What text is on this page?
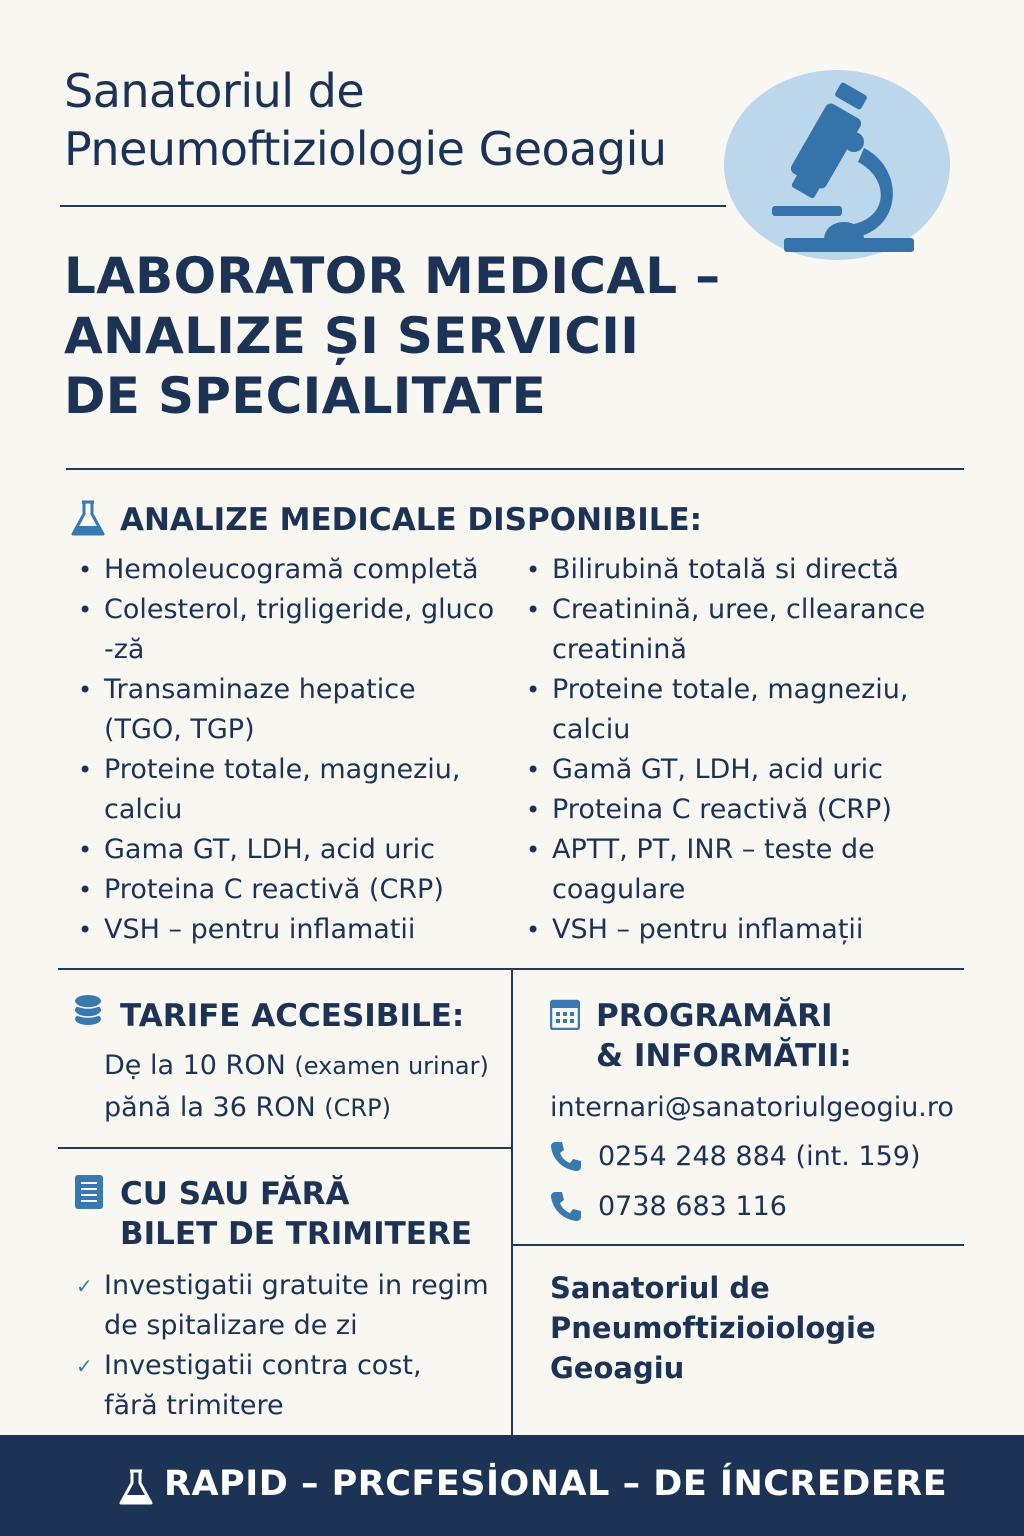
Sanatoriul de
Pneumoftiziologie Geoagiu
LABORATOR MEDICAL –
ANALIZE ȘI SERVICII
DE SPECIALITATE
ANALIZE MEDICALE DISPONIBILE:
• Hemoleucogramă completă
• Colesterol, trigligeride, gluco-ză
• Transaminaze hepatice (TGO, TGP)
• Proteine totale, magneziu, calciu
• Gama GT, LDH, acid uric
• Proteina C reactivă (CRP)
• VSH – pentru inflamatii
• Bilirubină totală si directă
• Creatinină, uree, cllearance creatinină
• Proteine totale, magneziu, calciu
• Gamă GT, LDH, acid uric
• Proteina C reactivă (CRP)
• APTT, PT, INR – teste de coagulare
• VSH – pentru inflamații
TARIFE ACCESIBILE:
Dẹ la 10 RON (examen urinar)
pănă la 36 RON (CRP)
CU SAU FĂRĂ
BILET DE TRIMITERE
✓ Investigatii gratuite in regim de spitalizare de zi
✓ Investigatii contra cost, fără trimitere
PROGRAMĂRI
& INFORMĂTII:
internari@sanatoriulgeogiu.ro
0254 248 884 (int. 159)
0738 683 116
Sanatoriul de
Pneumoftizioiologie
Geoagiu
RAPID – PRCFESİONAL – DE ÍNCREDERE
